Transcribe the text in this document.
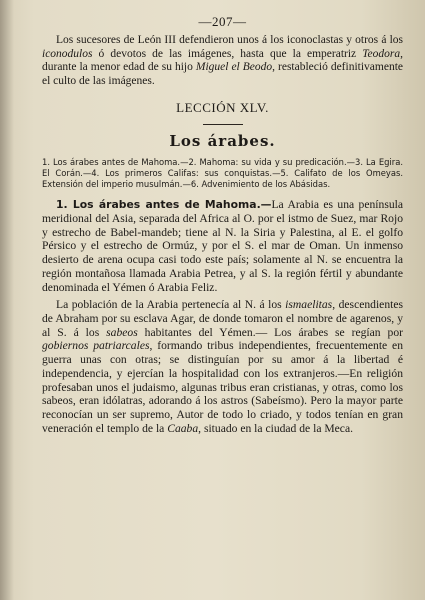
—207—

Los sucesores de León III defendieron unos á los iconoclastas y otros á los iconodulos ó devotos de las imágenes, hasta que la emperatriz Teodora, durante la menor edad de su hijo Miguel el Beodo, restableció definitivamente el culto de las imágenes.

LECCIÓN XLV.
Los árabes.

1. Los árabes antes de Mahoma.—2. Mahoma: su vida y su predicación.—3. La Egira. El Corán.—4. Los primeros Califas: sus conquistas.—5. Califato de los Omeyas. Extensión del imperio musulmán.—6. Advenimiento de los Abásidas.

1. Los árabes antes de Mahoma.—La Arabia es una península meridional del Asia, separada del Africa al O. por el istmo de Suez, mar Rojo y estrecho de Babel-mandeb; tiene al N. la Siria y Palestina, al E. el golfo Pérsico y el estrecho de Ormúz, y por el S. el mar de Oman. Un inmenso desierto de arena ocupa casi todo este país; solamente al N. se encuentra la región montañosa llamada Arabia Petrea, y al S. la región fértil y abundante denominada el Yémen ó Arabia Feliz.

La población de la Arabia pertenecía al N. á los ismaelitas, descendientes de Abraham por su esclava Agar, de donde tomaron el nombre de agarenos, y al S. á los sabeos habitantes del Yémen.— Los árabes se regían por gobiernos patriarcales, formando tribus independientes, frecuentemente en guerra unas con otras; se distinguían por su amor á la libertad é independencia, y ejercían la hospitalidad con los extranjeros.—En religión profesaban unos el judaismo, algunas tribus eran cristianas, y otras, como los sabeos, eran idólatras, adorando á los astros (Sabeísmo). Pero la mayor parte reconocían un ser supremo, Autor de todo lo criado, y todos tenían en gran veneración el templo de la Caaba, situado en la ciudad de la Meca.
